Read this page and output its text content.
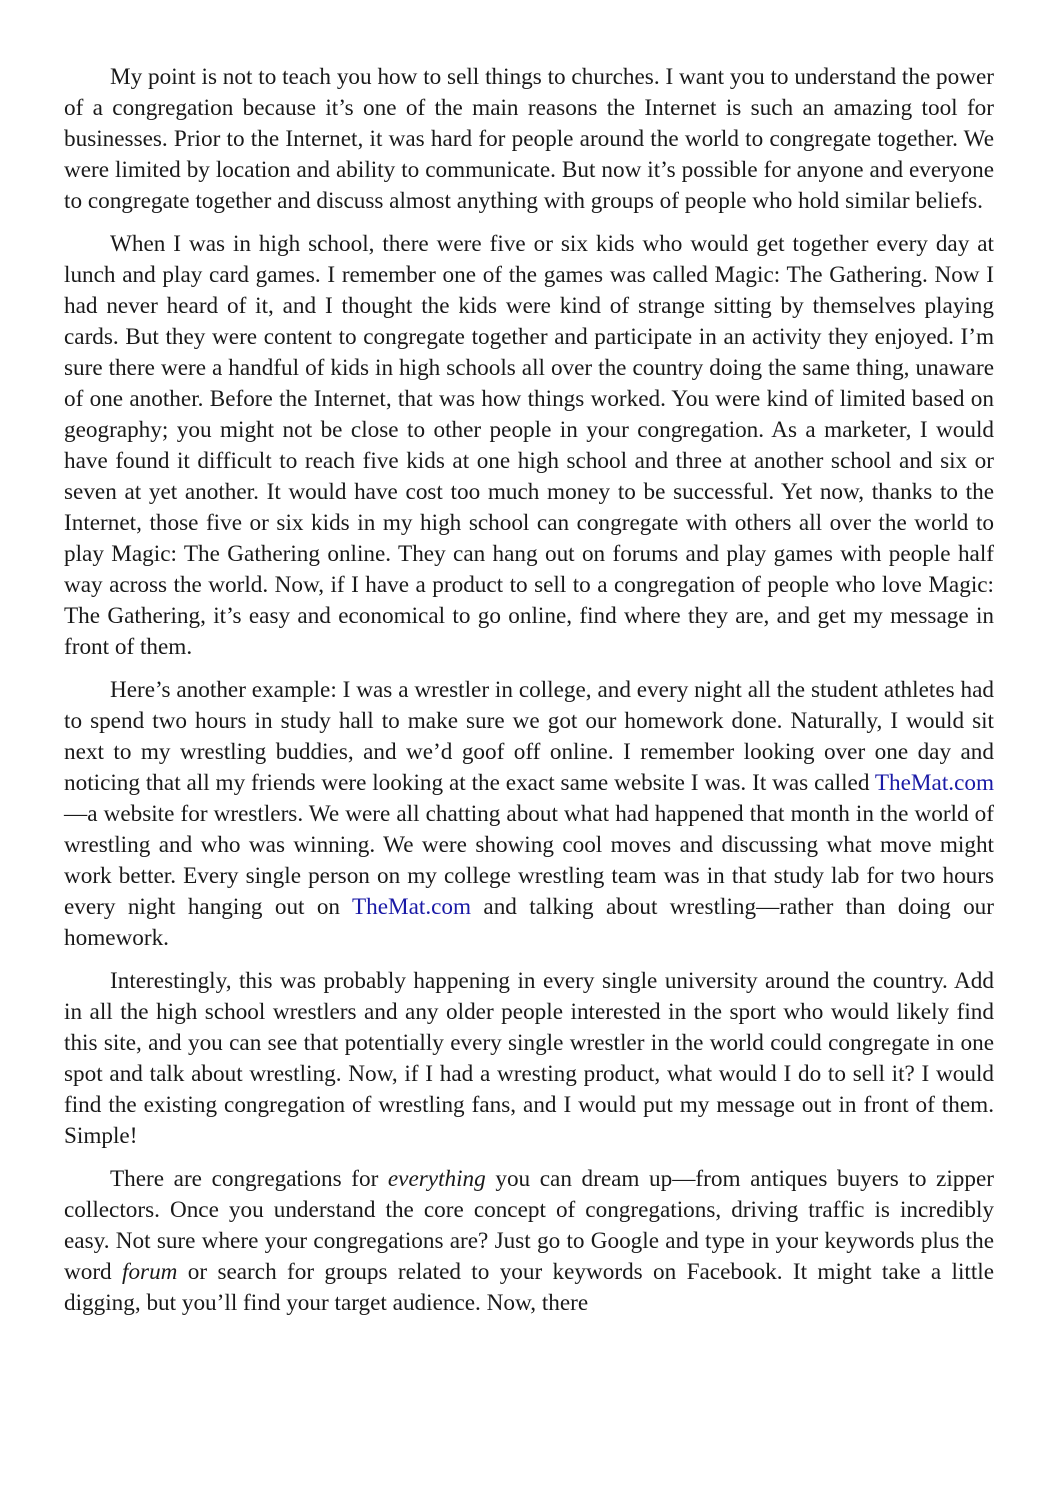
My point is not to teach you how to sell things to churches. I want you to understand the power of a congregation because it’s one of the main reasons the Internet is such an amazing tool for businesses. Prior to the Internet, it was hard for people around the world to congregate together. We were limited by location and ability to communicate. But now it’s possible for anyone and everyone to congregate together and discuss almost anything with groups of people who hold similar beliefs.

When I was in high school, there were five or six kids who would get together every day at lunch and play card games. I remember one of the games was called Magic: The Gathering. Now I had never heard of it, and I thought the kids were kind of strange sitting by themselves playing cards. But they were content to congregate together and participate in an activity they enjoyed. I’m sure there were a handful of kids in high schools all over the country doing the same thing, unaware of one another. Before the Internet, that was how things worked. You were kind of limited based on geography; you might not be close to other people in your congregation. As a marketer, I would have found it difficult to reach five kids at one high school and three at another school and six or seven at yet another. It would have cost too much money to be successful. Yet now, thanks to the Internet, those five or six kids in my high school can congregate with others all over the world to play Magic: The Gathering online. They can hang out on forums and play games with people half way across the world. Now, if I have a product to sell to a congregation of people who love Magic: The Gathering, it’s easy and economical to go online, find where they are, and get my message in front of them.

Here’s another example: I was a wrestler in college, and every night all the student athletes had to spend two hours in study hall to make sure we got our homework done. Naturally, I would sit next to my wrestling buddies, and we’d goof off online. I remember looking over one day and noticing that all my friends were looking at the exact same website I was. It was called TheMat.com—a website for wrestlers. We were all chatting about what had happened that month in the world of wrestling and who was winning. We were showing cool moves and discussing what move might work better. Every single person on my college wrestling team was in that study lab for two hours every night hanging out on TheMat.com and talking about wrestling—rather than doing our homework.

Interestingly, this was probably happening in every single university around the country. Add in all the high school wrestlers and any older people interested in the sport who would likely find this site, and you can see that potentially every single wrestler in the world could congregate in one spot and talk about wrestling. Now, if I had a wresting product, what would I do to sell it? I would find the existing congregation of wrestling fans, and I would put my message out in front of them. Simple!

There are congregations for everything you can dream up—from antiques buyers to zipper collectors. Once you understand the core concept of congregations, driving traffic is incredibly easy. Not sure where your congregations are? Just go to Google and type in your keywords plus the word forum or search for groups related to your keywords on Facebook. It might take a little digging, but you’ll find your target audience. Now, there
